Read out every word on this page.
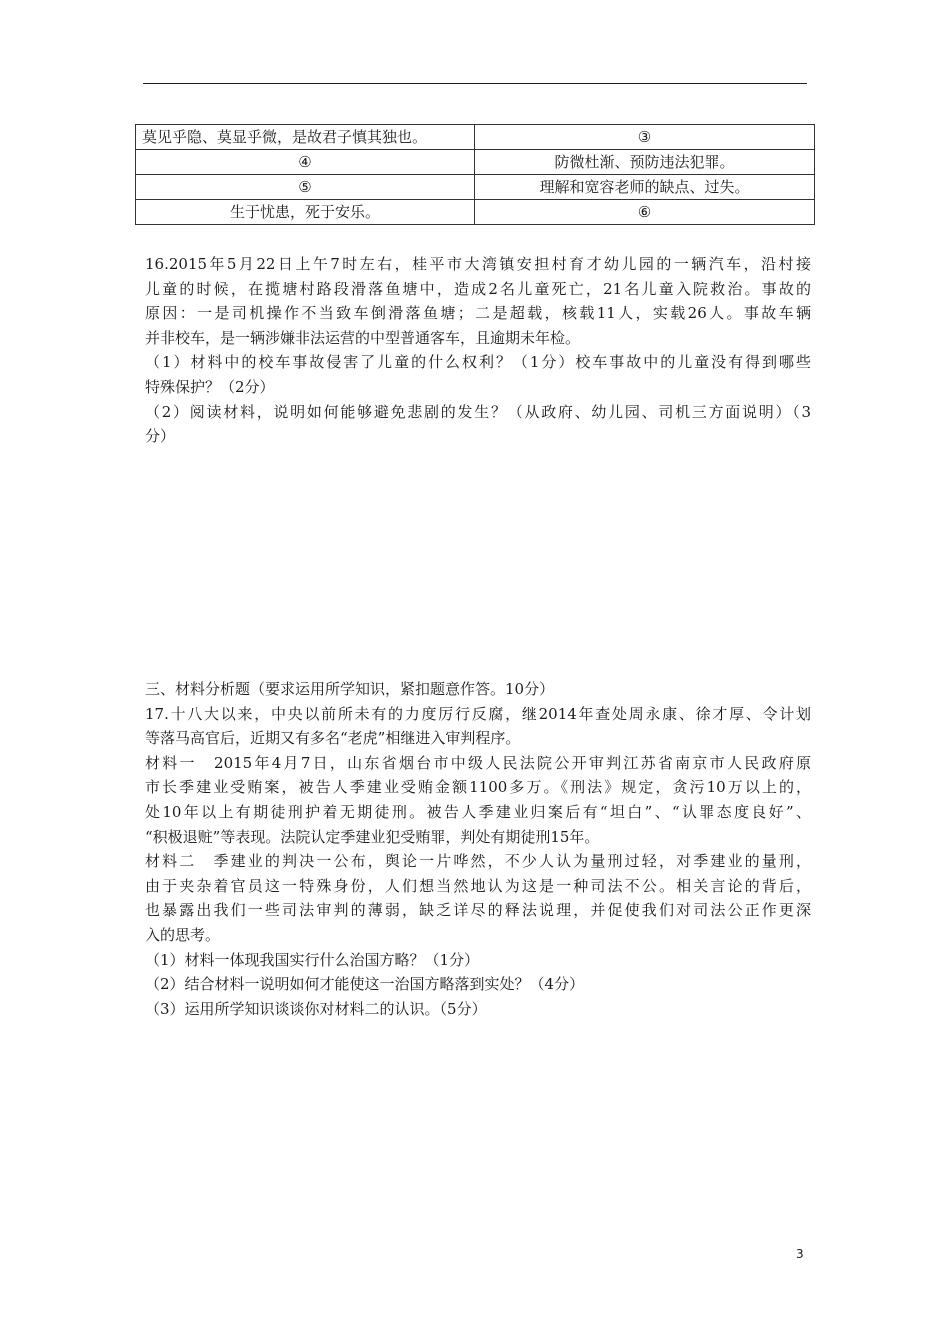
莫见乎隐、莫显乎微，是故君子慎其独也。	③
④	防微杜渐、预防违法犯罪。
⑤	理解和宽容老师的缺点、过失。
生于忧患，死于安乐。	⑥

16.2015年5月22日上午7时左右，桂平市大湾镇安担村育才幼儿园的一辆汽车，沿村接

儿童的时候，在揽塘村路段滑落鱼塘中，造成2名儿童死亡，21名儿童入院救治。事故的

原因：一是司机操作不当致车倒滑落鱼塘；二是超载，核载11人，实载26人。事故车辆

并非校车，是一辆涉嫌非法运营的中型普通客车，且逾期未年检。

（1）材料中的校车事故侵害了儿童的什么权利？（1分）校车事故中的儿童没有得到哪些

特殊保护？（2分）

（2）阅读材料，说明如何能够避免悲剧的发生？（从政府、幼儿园、司机三方面说明）（3

分）

三、材料分析题（要求运用所学知识，紧扣题意作答。10分）

17.十八大以来，中央以前所未有的力度厉行反腐，继2014年查处周永康、徐才厚、令计划

等落马高官后，近期又有多名“老虎”相继进入审判程序。

材料一　2015年4月7日，山东省烟台市中级人民法院公开审判江苏省南京市人民政府原

市长季建业受贿案，被告人季建业受贿金额1100多万。《刑法》规定，贪污10万以上的，

处10年以上有期徒刑护着无期徒刑。被告人季建业归案后有“坦白”、“认罪态度良好”、

“积极退赃”等表现。法院认定季建业犯受贿罪，判处有期徒刑15年。

材料二　季建业的判决一公布，舆论一片哗然，不少人认为量刑过轻，对季建业的量刑，

由于夹杂着官员这一特殊身份，人们想当然地认为这是一种司法不公。相关言论的背后，

也暴露出我们一些司法审判的薄弱，缺乏详尽的释法说理，并促使我们对司法公正作更深

入的思考。

（1）材料一体现我国实行什么治国方略？（1分）

（2）结合材料一说明如何才能使这一治国方略落到实处？（4分）

（3）运用所学知识谈谈你对材料二的认识。（5分）

3
